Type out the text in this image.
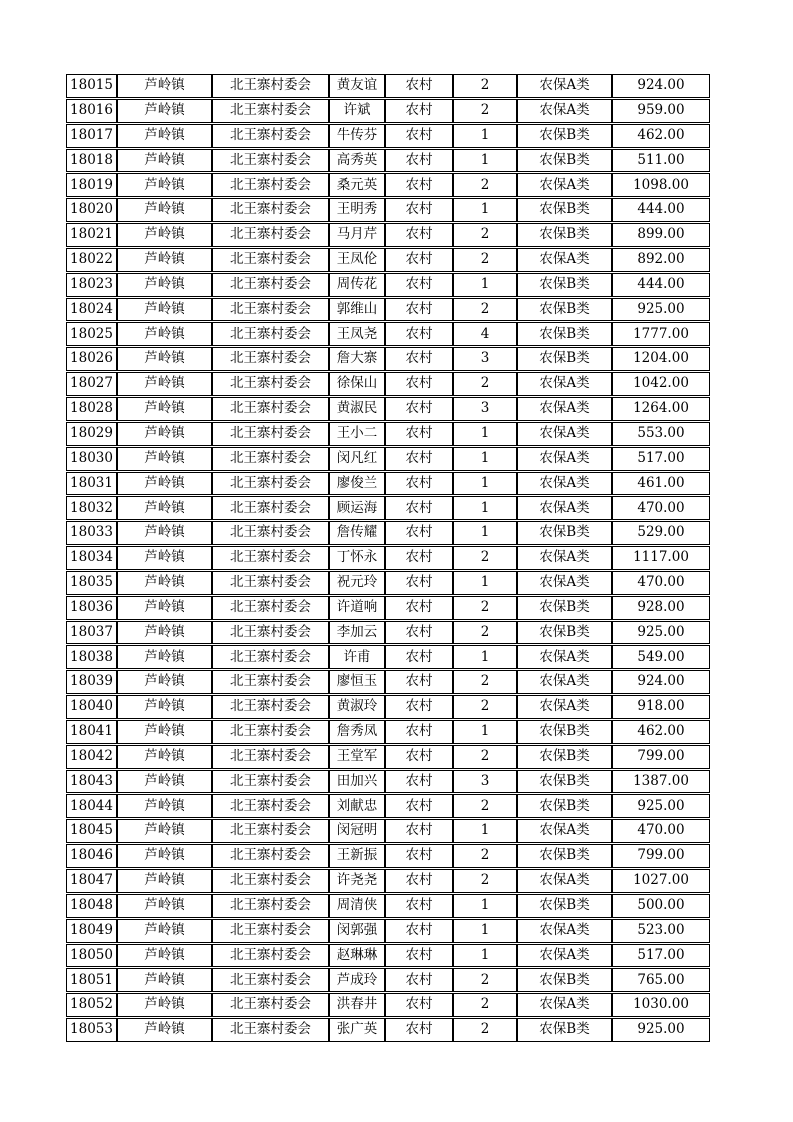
18015	芦岭镇	北王寨村委会	黄友谊	农村	2	农保A类	924.00
18016	芦岭镇	北王寨村委会	许斌	农村	2	农保A类	959.00
18017	芦岭镇	北王寨村委会	牛传芬	农村	1	农保B类	462.00
18018	芦岭镇	北王寨村委会	高秀英	农村	1	农保B类	511.00
18019	芦岭镇	北王寨村委会	桑元英	农村	2	农保A类	1098.00
18020	芦岭镇	北王寨村委会	王明秀	农村	1	农保B类	444.00
18021	芦岭镇	北王寨村委会	马月芹	农村	2	农保B类	899.00
18022	芦岭镇	北王寨村委会	王凤伦	农村	2	农保A类	892.00
18023	芦岭镇	北王寨村委会	周传花	农村	1	农保B类	444.00
18024	芦岭镇	北王寨村委会	郭维山	农村	2	农保B类	925.00
18025	芦岭镇	北王寨村委会	王凤尧	农村	4	农保B类	1777.00
18026	芦岭镇	北王寨村委会	詹大寨	农村	3	农保B类	1204.00
18027	芦岭镇	北王寨村委会	徐保山	农村	2	农保A类	1042.00
18028	芦岭镇	北王寨村委会	黄淑民	农村	3	农保A类	1264.00
18029	芦岭镇	北王寨村委会	王小二	农村	1	农保A类	553.00
18030	芦岭镇	北王寨村委会	闵凡红	农村	1	农保A类	517.00
18031	芦岭镇	北王寨村委会	廖俊兰	农村	1	农保A类	461.00
18032	芦岭镇	北王寨村委会	顾运海	农村	1	农保A类	470.00
18033	芦岭镇	北王寨村委会	詹传耀	农村	1	农保B类	529.00
18034	芦岭镇	北王寨村委会	丁怀永	农村	2	农保A类	1117.00
18035	芦岭镇	北王寨村委会	祝元玲	农村	1	农保A类	470.00
18036	芦岭镇	北王寨村委会	许道响	农村	2	农保B类	928.00
18037	芦岭镇	北王寨村委会	李加云	农村	2	农保B类	925.00
18038	芦岭镇	北王寨村委会	许甫	农村	1	农保A类	549.00
18039	芦岭镇	北王寨村委会	廖恒玉	农村	2	农保A类	924.00
18040	芦岭镇	北王寨村委会	黄淑玲	农村	2	农保A类	918.00
18041	芦岭镇	北王寨村委会	詹秀凤	农村	1	农保B类	462.00
18042	芦岭镇	北王寨村委会	王堂军	农村	2	农保B类	799.00
18043	芦岭镇	北王寨村委会	田加兴	农村	3	农保B类	1387.00
18044	芦岭镇	北王寨村委会	刘献忠	农村	2	农保B类	925.00
18045	芦岭镇	北王寨村委会	闵冠明	农村	1	农保A类	470.00
18046	芦岭镇	北王寨村委会	王新振	农村	2	农保B类	799.00
18047	芦岭镇	北王寨村委会	许尧尧	农村	2	农保A类	1027.00
18048	芦岭镇	北王寨村委会	周清侠	农村	1	农保B类	500.00
18049	芦岭镇	北王寨村委会	闵郭强	农村	1	农保A类	523.00
18050	芦岭镇	北王寨村委会	赵琳琳	农村	1	农保A类	517.00
18051	芦岭镇	北王寨村委会	芦成玲	农村	2	农保B类	765.00
18052	芦岭镇	北王寨村委会	洪春井	农村	2	农保A类	1030.00
18053	芦岭镇	北王寨村委会	张广英	农村	2	农保B类	925.00
